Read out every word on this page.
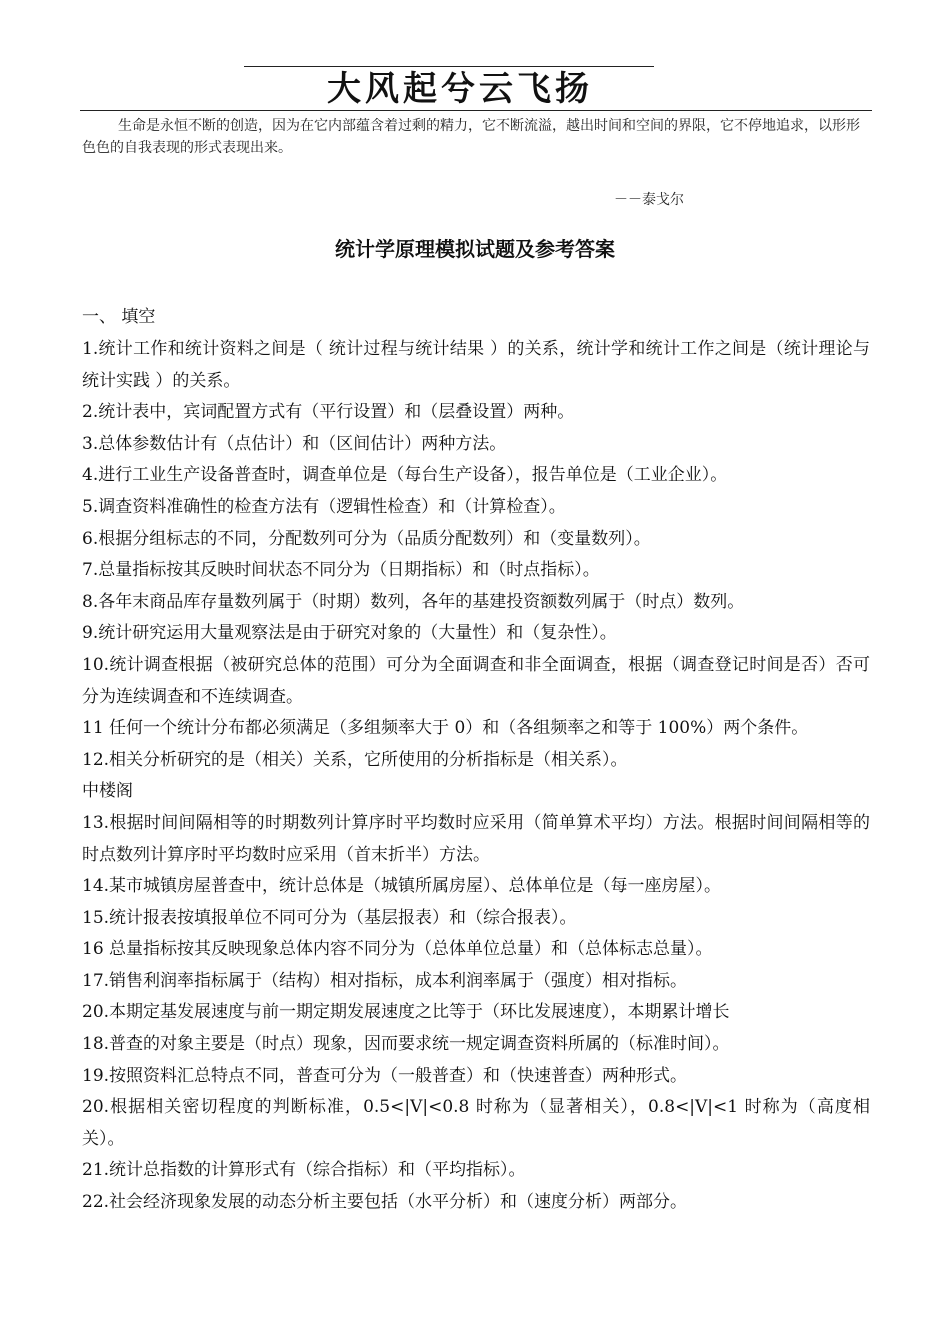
大风起兮云飞扬
生命是永恒不断的创造，因为在它内部蕴含着过剩的精力，它不断流溢，越出时间和空间的界限，它不停地追求，以形形色色的自我表现的形式表现出来。
－－泰戈尔
统计学原理模拟试题及参考答案
一、 填空

1.统计工作和统计资料之间是（ 统计过程与统计结果 ）的关系，统计学和统计工作之间是（统计理论与统计实践 ）的关系。

2.统计表中，宾词配置方式有（平行设置）和（层叠设置）两种。

3.总体参数估计有（点估计）和（区间估计）两种方法。

4.进行工业生产设备普查时，调查单位是（每台生产设备），报告单位是（工业企业）。

5.调查资料准确性的检查方法有（逻辑性检查）和（计算检查）。

6.根据分组标志的不同，分配数列可分为（品质分配数列）和（变量数列）。

7.总量指标按其反映时间状态不同分为（日期指标）和（时点指标）。

8.各年末商品库存量数列属于（时期）数列，各年的基建投资额数列属于（时点）数列。

9.统计研究运用大量观察法是由于研究对象的（大量性）和（复杂性）。

10.统计调查根据（被研究总体的范围）可分为全面调查和非全面调查，根据（调查登记时间是否）否可分为连续调查和不连续调查。

11 任何一个统计分布都必须满足（多组频率大于 0）和（各组频率之和等于 100%）两个条件。

12.相关分析研究的是（相关）关系，它所使用的分析指标是（相关系）。

中楼阁

13.根据时间间隔相等的时期数列计算序时平均数时应采用（简单算术平均）方法。根据时间间隔相等的时点数列计算序时平均数时应采用（首末折半）方法。

14.某市城镇房屋普查中，统计总体是（城镇所属房屋）、总体单位是（每一座房屋）。

15.统计报表按填报单位不同可分为（基层报表）和（综合报表）。

16 总量指标按其反映现象总体内容不同分为（总体单位总量）和（总体标志总量）。

17.销售利润率指标属于（结构）相对指标，成本利润率属于（强度）相对指标。

20.本期定基发展速度与前一期定期发展速度之比等于（环比发展速度），本期累计增长

18.普查的对象主要是（时点）现象，因而要求统一规定调查资料所属的（标准时间）。

19.按照资料汇总特点不同，普查可分为（一般普查）和（快速普查）两种形式。

20.根据相关密切程度的判断标准，0.5<|V|<0.8 时称为（显著相关），0.8<|V|<1 时称为（高度相关）。

21.统计总指数的计算形式有（综合指标）和（平均指标）。

22.社会经济现象发展的动态分析主要包括（水平分析）和（速度分析）两部分。
